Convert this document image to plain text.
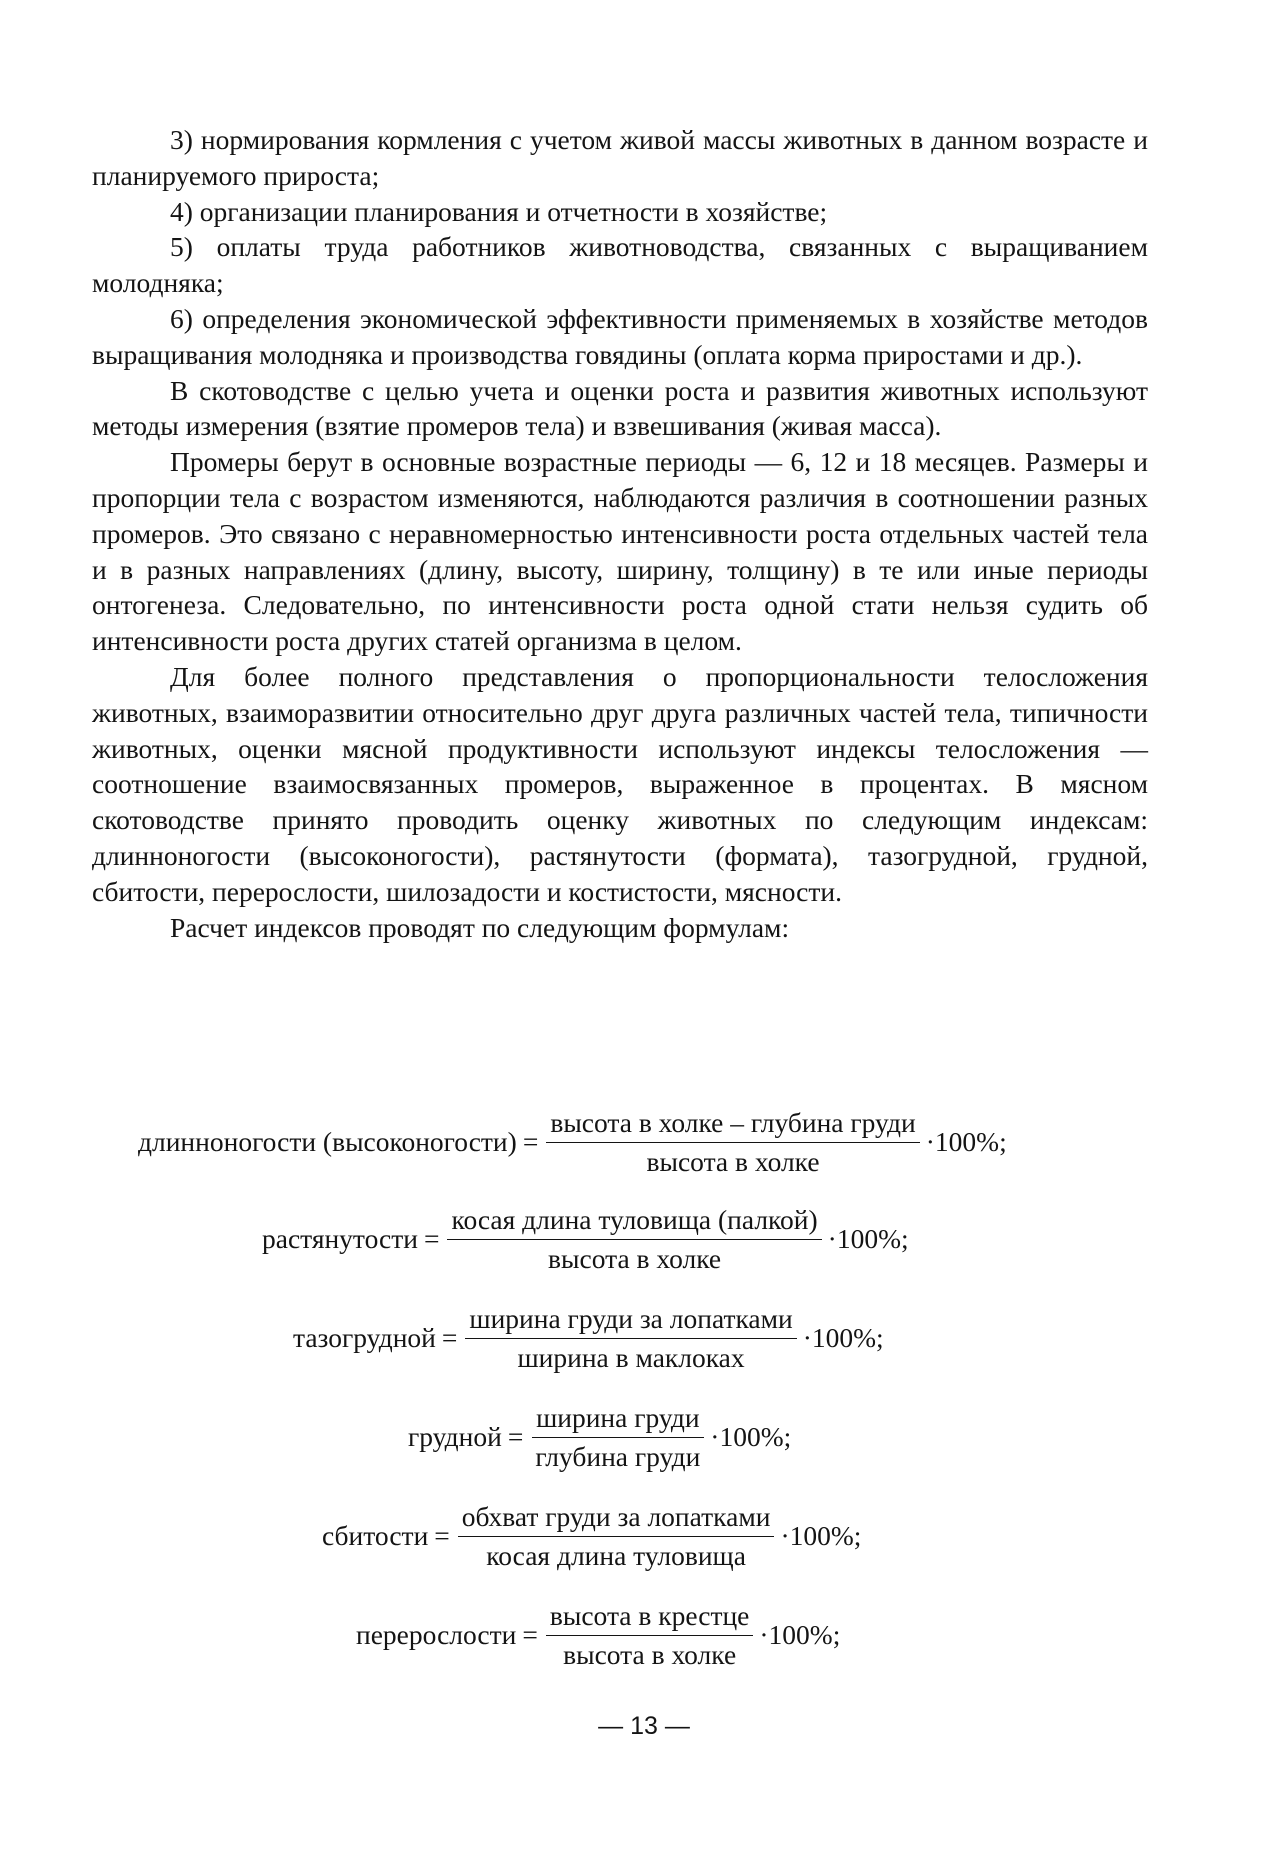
3) нормирования кормления с учетом живой массы животных в данном возрасте и планируемого прироста;

4) организации планирования и отчетности в хозяйстве;

5) оплаты труда работников животноводства, связанных с выращиванием молодняка;

6) определения экономической эффективности применяемых в хозяйстве методов выращивания молодняка и производства говядины (оплата корма приростами и др.).

В скотоводстве с целью учета и оценки роста и развития животных используют методы измерения (взятие промеров тела) и взвешивания (живая масса).

Промеры берут в основные возрастные периоды — 6, 12 и 18 месяцев. Размеры и пропорции тела с возрастом изменяются, наблюдаются различия в соотношении разных промеров. Это связано с неравномерностью интенсивности роста отдельных частей тела и в разных направлениях (длину, высоту, ширину, толщину) в те или иные периоды онтогенеза. Следовательно, по интенсивности роста одной стати нельзя судить об интенсивности роста других статей организма в целом.

Для более полного представления о пропорциональности телосложения животных, взаиморазвитии относительно друг друга различных частей тела, типичности животных, оценки мясной продуктивности используют индексы телосложения — соотношение взаимосвязанных промеров, выраженное в процентах. В мясном скотоводстве принято проводить оценку животных по следующим индексам: длинноногости (высоконогости), растянутости (формата), тазогрудной, грудной, сбитости, перерослости, шилозадости и костистости, мясности.

Расчет индексов проводят по следующим формулам:

длинноногости (высоконогости) = $\frac{\text{высота в холке – глубина груди}}{\text{высота в холке}} \cdot 100\%$;
растянутости = $\frac{\text{косая длина туловища (палкой)}}{\text{высота в холке}} \cdot 100\%$;
тазогрудной = $\frac{\text{ширина груди за лопатками}}{\text{ширина в маклоках}} \cdot 100\%$;
грудной = $\frac{\text{ширина груди}}{\text{глубина груди}} \cdot 100\%$;
сбитости = $\frac{\text{обхват груди за лопатками}}{\text{косая длина туловища}} \cdot 100\%$;
перерослости = $\frac{\text{высота в крестце}}{\text{высота в холке}} \cdot 100\%$;
— 13 —
